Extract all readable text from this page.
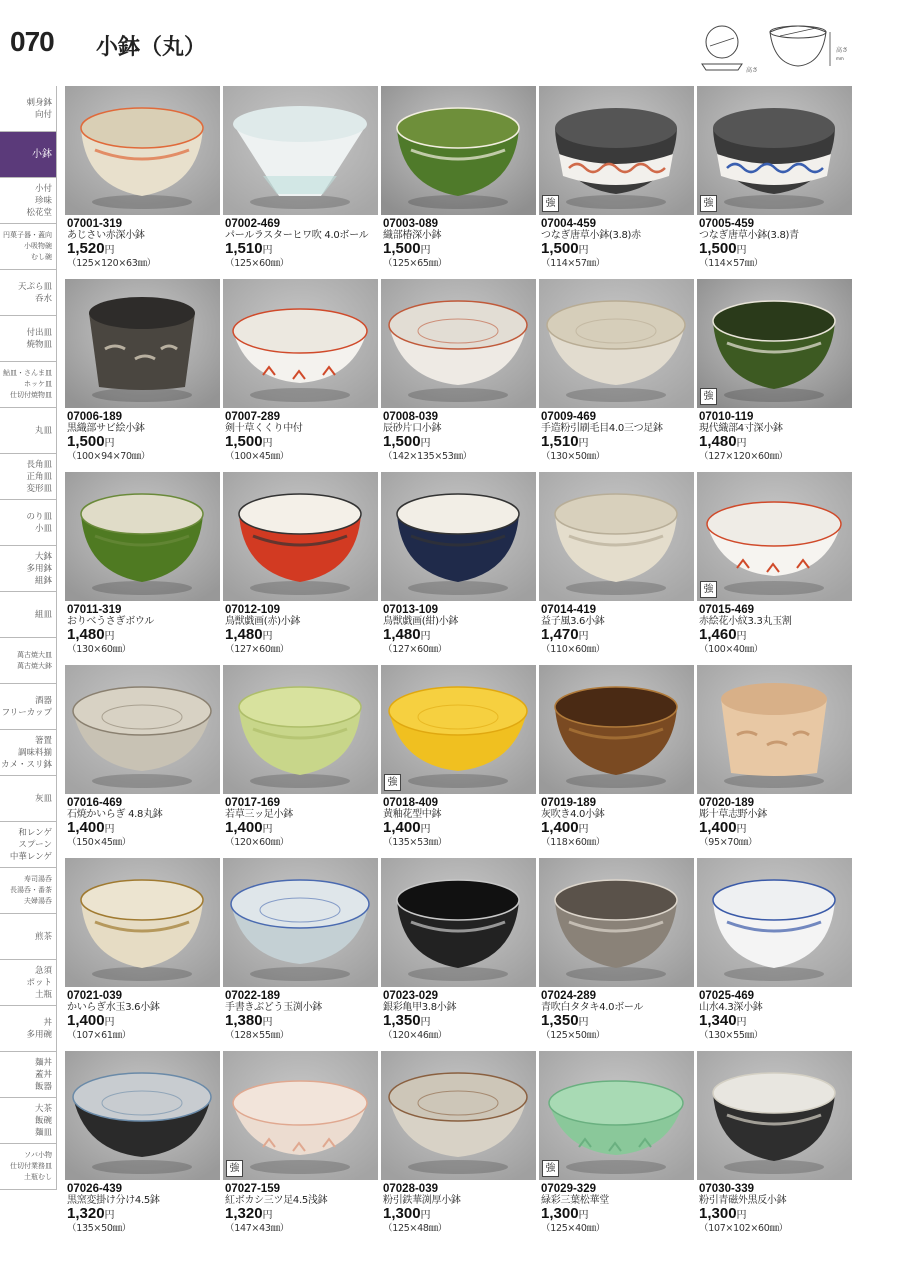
070 小鉢（丸）	高さ
mm
高さ
刺身鉢
向付
小鉢
小付
珍味
松花堂
円菓子器・蓋向
小吸物碗
むし碗
天ぷら皿
呑水
付出皿
焼物皿
鮎皿・さんま皿
ホッケ皿
仕切付焼物皿
丸皿
長角皿
正角皿
変形皿
のり皿
小皿
大鉢
多用鉢
組鉢
組皿
萬古焼大皿
萬古焼大鉢
酒器
フリーカップ
箸置
調味料揃
カメ・スリ鉢
灰皿
和レンゲ
スプーン
中華レンゲ
寿司湯呑
長湯呑・番茶
夫婦湯呑
煎茶
急須
ポット
土瓶
丼
多用碗
麺丼
蓋丼
飯器
大茶
飯碗
麺皿
ソバ小物
仕切付業務皿
土瓶むし
07001-319
あじさい赤深小鉢
1,520円
（125×120×63㎜）
07002-469
パールラスターヒワ吹 4.0ボール
1,510円
（125×60㎜）
07003-089
織部椿深小鉢
1,500円
（125×65㎜）
強
07004-459
つなぎ唐草小鉢(3.8)赤
1,500円
（114×57㎜）
強
07005-459
つなぎ唐草小鉢(3.8)青
1,500円
（114×57㎜）
07006-189
黒織部サビ絵小鉢
1,500円
（100×94×70㎜）
07007-289
剣十草くくり中付
1,500円
（100×45㎜）
07008-039
辰砂片口小鉢
1,500円
（142×135×53㎜）
07009-469
手造粉引刷毛目4.0三つ足鉢
1,510円
（130×50㎜）
強
07010-119
現代織部4寸深小鉢
1,480円
（127×120×60㎜）
07011-319
おりべうさぎボウル
1,480円
（130×60㎜）
07012-109
鳥獣戯画(赤)小鉢
1,480円
（127×60㎜）
07013-109
鳥獣戯画(紺)小鉢
1,480円
（127×60㎜）
07014-419
益子風3.6小鉢
1,470円
（110×60㎜）
強
07015-469
赤絵花小紋3.3丸玉割
1,460円
（100×40㎜）
07016-469
石焼かいらぎ 4.8丸鉢
1,400円
（150×45㎜）
07017-169
若草三ッ足小鉢
1,400円
（120×60㎜）
強
07018-409
黄釉花型中鉢
1,400円
（135×53㎜）
07019-189
灰吹き4.0小鉢
1,400円
（118×60㎜）
07020-189
彫十草志野小鉢
1,400円
（95×70㎜）
07021-039
かいらぎ水玉3.6小鉢
1,400円
（107×61㎜）
07022-189
手書きぶどう玉渕小鉢
1,380円
（128×55㎜）
07023-029
銀彩亀甲3.8小鉢
1,350円
（120×46㎜）
07024-289
青吹白タタキ4.0ボール
1,350円
（125×50㎜）
07025-469
山水4.3深小鉢
1,340円
（130×55㎜）
07026-439
黒窯変掛け分け4.5鉢
1,320円
（135×50㎜）
強
07027-159
紅ボカシ三ツ足4.5浅鉢
1,320円
（147×43㎜）
07028-039
粉引鉄華渕厚小鉢
1,300円
（125×48㎜）
強
07029-329
緑彩三葉松華堂
1,300円
（125×40㎜）
07030-339
粉引青磁外黒反小鉢
1,300円
（107×102×60㎜）
